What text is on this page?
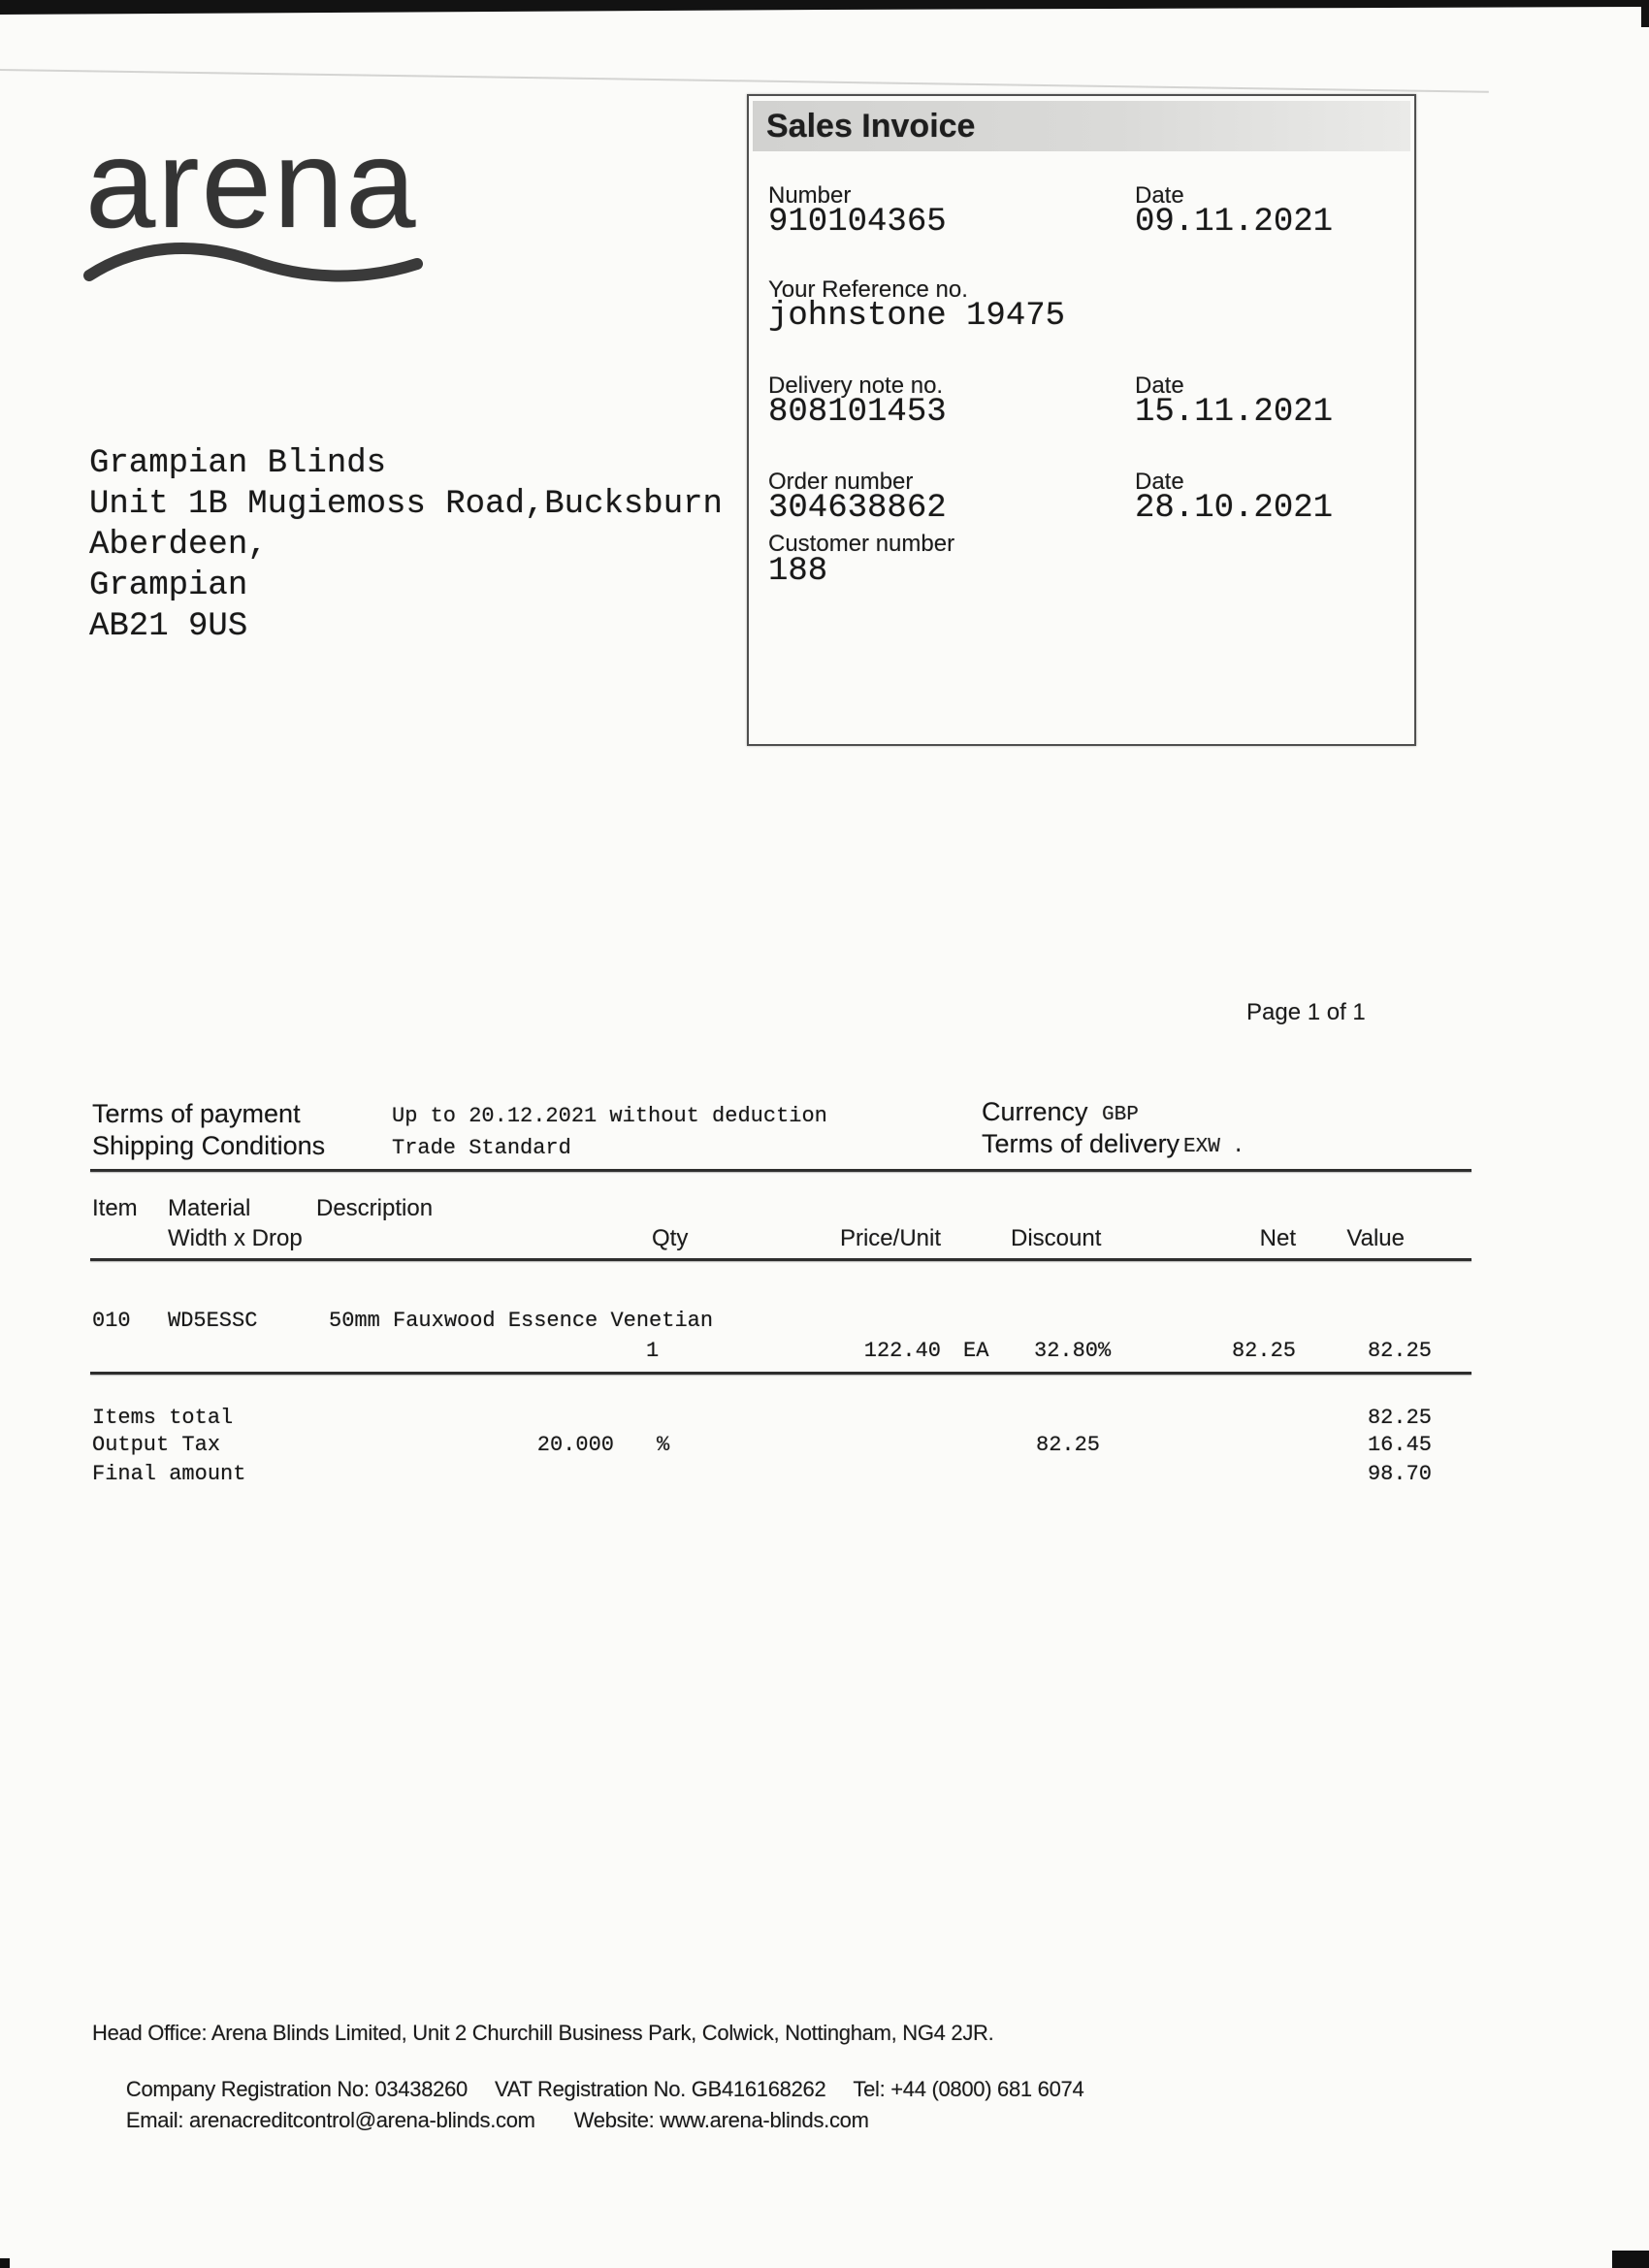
arena
Grampian Blinds
Unit 1B Mugiemoss Road,Bucksburn
Aberdeen,
Grampian
AB21 9US
Sales Invoice
Number
910104365
Date
09.11.2021
Your Reference no.
johnstone 19475
Delivery note no.
808101453
Date
15.11.2021
Order number
304638862
Date
28.10.2021
Customer number
188
Page 1 of 1
Terms of payment	Up to 20.12.2021 without deduction
Shipping Conditions	Trade Standard
Currency GBP
Terms of delivery EXW .
Item Material	Description
Width x Drop	Qty	Price/Unit	Discount	Net	Value
010 WD5ESSC	50mm Fauxwood Essence Venetian
1	122.40 EA 32.80%	82.25	82.25
Items total	82.25
Output Tax	20.000 %	82.25	16.45
Final amount	98.70
Head Office: Arena Blinds Limited, Unit 2 Churchill Business Park, Colwick, Nottingham, NG4 2JR.

Company Registration No: 03438260 VAT Registration No. GB416168262 Tel: +44 (0800) 681 6074

Email: arenacreditcontrol@arena-blinds.com Website: www.arena-blinds.com
